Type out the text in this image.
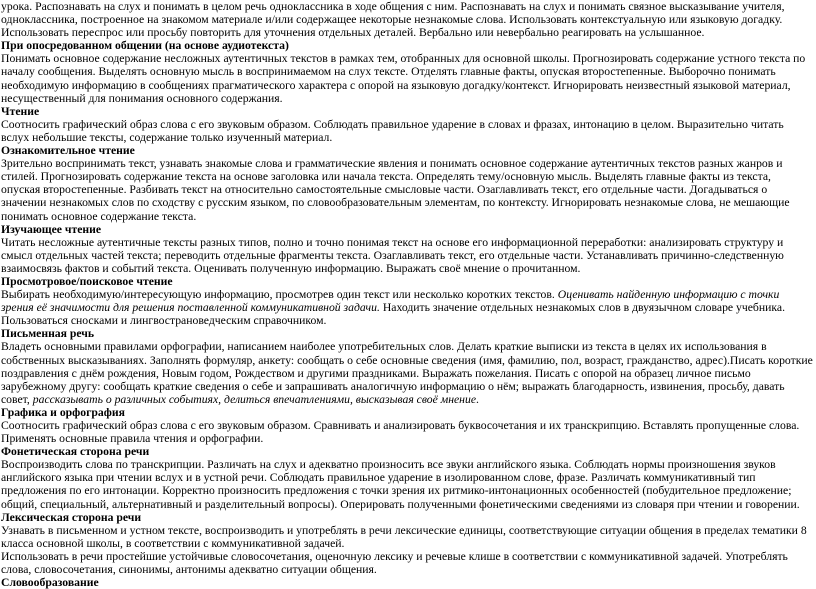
урока. Распознавать на слух и понимать в целом речь одноклассника в ходе общения с ним. Распознавать на слух и понимать связное высказывание учителя, одноклассника, построенное на знакомом материале и/или содержащее некоторые незнакомые слова. Использовать контекстуальную или языковую догадку. Использовать переспрос или просьбу повторить для уточнения отдельных деталей. Вербально или невербально реагировать на услышанное.

При опосредованном общении (на основе аудиотекста)

Понимать основное содержание несложных аутентичных текстов в рамках тем, отобранных для основной школы. Прогнозировать содержание устного текста по началу сообщения. Выделять основную мысль в воспринимаемом на слух тексте. Отделять главные факты, опуская второстепенные. Выборочно понимать необходимую информацию в сообщениях прагматического характера с опорой на языковую догадку/контекст. Игнорировать неизвестный языковой материал, несущественный для понимания основного содержания.

Чтение

Соотносить графический образ слова с его звуковым образом. Соблюдать правильное ударение в словах и фразах, интонацию в целом. Выразительно читать вслух небольшие тексты, содержание только изученный материал.

Ознакомительное чтение

Зрительно воспринимать текст, узнавать знакомые слова и грамматические явления и понимать основное содержание аутентичных текстов разных жанров и стилей. Прогнозировать содержание текста на основе заголовка или начала текста. Определять тему/основную мысль. Выделять главные факты из текста, опуская второстепенные. Разбивать текст на относительно самостоятельные смысловые части. Озаглавливать текст, его отдельные части. Догадываться о значении незнакомых слов по сходству с русским языком, по словообразовательным элементам, по контексту. Игнорировать незнакомые слова, не мешающие понимать основное содержание текста.

Изучающее чтение

Читать несложные аутентичные тексты разных типов, полно и точно понимая текст на основе его информационной переработки: анализировать структуру и смысл отдельных частей текста; переводить отдельные фрагменты текста. Озаглавливать текст, его отдельные части. Устанавливать причинно-следственную взаимосвязь фактов и событий текста. Оценивать полученную информацию. Выражать своё мнение о прочитанном.

Просмотровое/поисковое чтение

Выбирать необходимую/интересующую информацию, просмотрев один текст или несколько коротких текстов. Оценивать найденную информацию с точки зрения её значимости для решения поставленной коммуникативной задачи. Находить значение отдельных незнакомых слов в двуязычном словаре учебника. Пользоваться сносками и лингвострановедческим справочником.

Письменная речь

Владеть основными правилами орфографии, написанием наиболее употребительных слов. Делать краткие выписки из текста в целях их использования в собственных высказываниях. Заполнять формуляр, анкету: сообщать о себе основные сведения (имя, фамилию, пол, возраст, гражданство, адрес).Писать короткие поздравления с днём рождения, Новым годом, Рождеством и другими праздниками. Выражать пожелания. Писать с опорой на образец личное письмо зарубежному другу: сообщать краткие сведения о себе и запрашивать аналогичную информацию о нём; выражать благодарность, извинения, просьбу, давать совет, рассказывать о различных событиях, делиться впечатлениями, высказывая своё мнение.

Графика и орфография

Соотносить графический образ слова с его звуковым образом. Сравнивать и анализировать буквосочетания и их транскрипцию. Вставлять пропущенные слова. Применять основные правила чтения и орфографии.

Фонетическая сторона речи

Воспроизводить слова по транскрипции. Различать на слух и адекватно произносить все звуки английского языка. Соблюдать нормы произношения звуков английского языка при чтении вслух и в устной речи. Соблюдать правильное ударение в изолированном слове, фразе. Различать коммуникативный тип предложения по его интонации. Корректно произносить предложения с точки зрения их ритмико-интонационных особенностей (побудительное предложение; общий, специальный, альтернативный и разделительный вопросы). Оперировать полученными фонетическими сведениями из словаря при чтении и говорении.

Лексическая сторона речи

Узнавать в письменном и устном тексте, воспроизводить и употреблять в речи лексические единицы, соответствующие ситуации общения в пределах тематики 8 класса основной школы, в соответствии с коммуникативной задачей.

Использовать в речи простейшие устойчивые словосочетания, оценочную лексику и речевые клише в соответствии с коммуникативной задачей. Употреблять слова, словосочетания, синонимы, антонимы адекватно ситуации общения.

Словообразование
